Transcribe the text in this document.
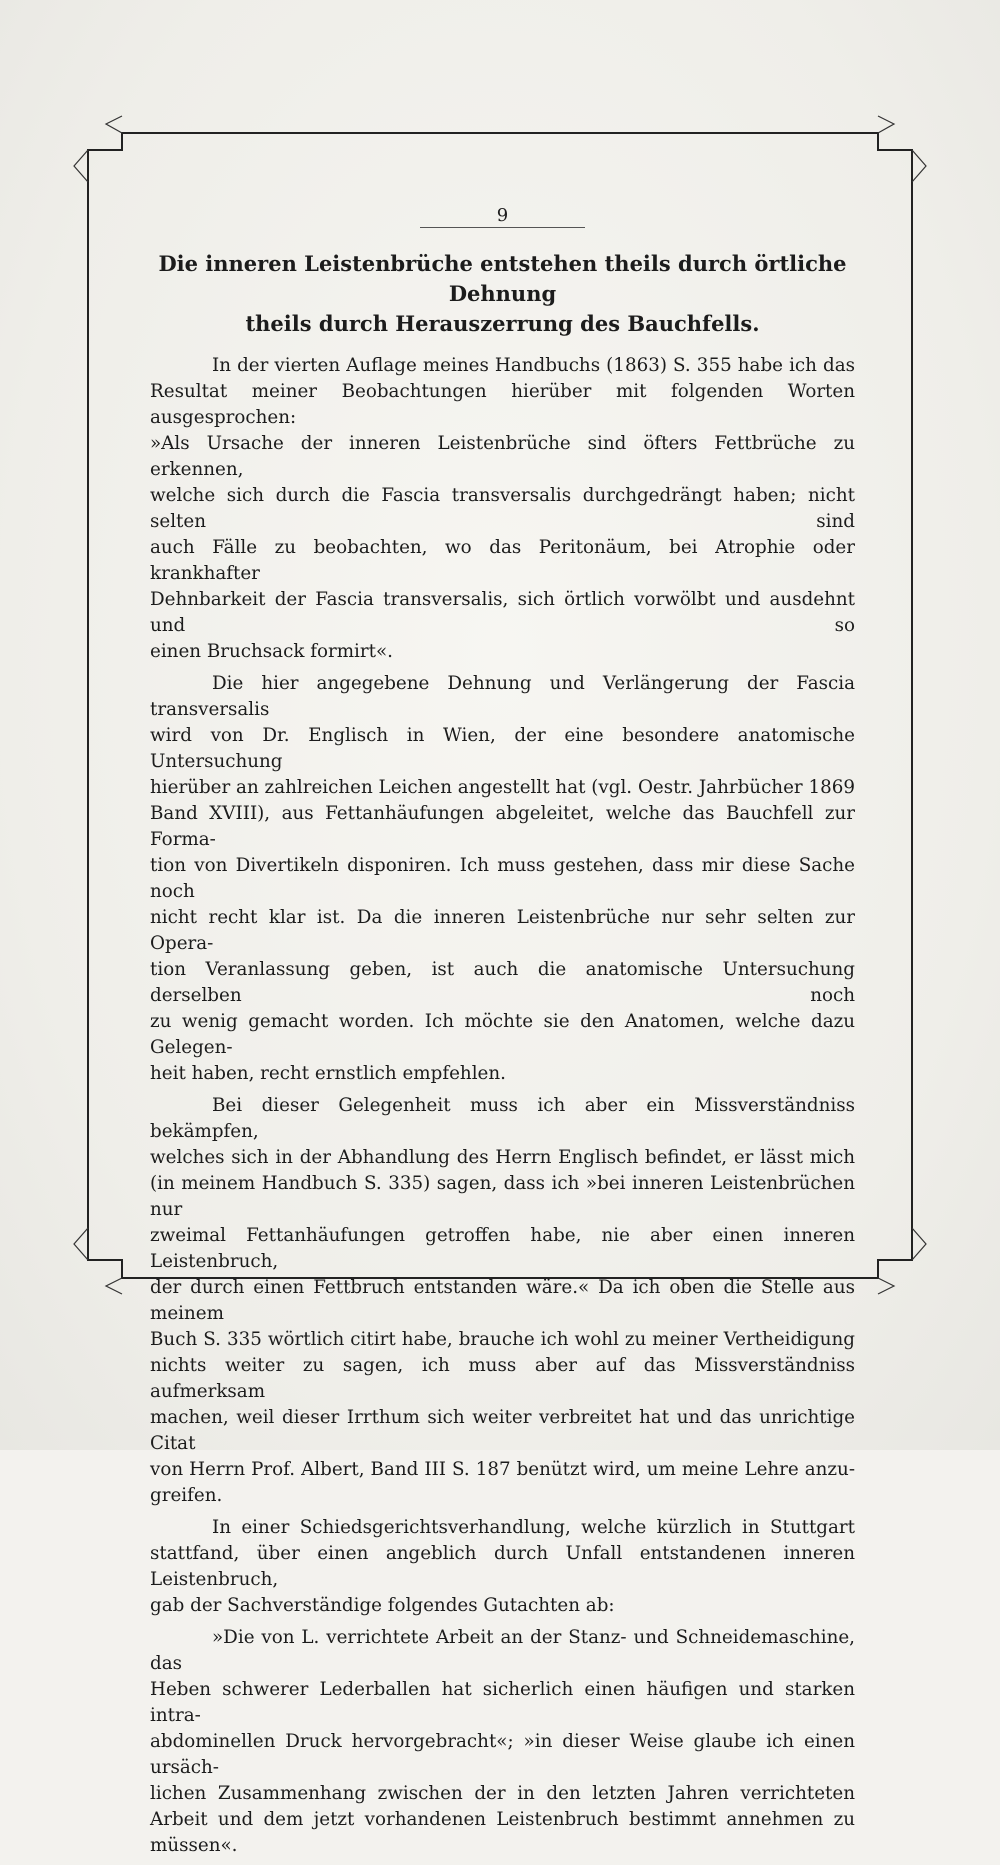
9
Die inneren Leistenbrüche entstehen theils durch örtliche Dehnung
theils durch Herauszerrung des Bauchfells.
In der vierten Auflage meines Handbuchs (1863) S. 355 habe ich das
Resultat meiner Beobachtungen hierüber mit folgenden Worten ausgesprochen:
»Als Ursache der inneren Leistenbrüche sind öfters Fettbrüche zu erkennen,
welche sich durch die Fascia transversalis durchgedrängt haben; nicht selten sind
auch Fälle zu beobachten, wo das Peritonäum, bei Atrophie oder krankhafter
Dehnbarkeit der Fascia transversalis, sich örtlich vorwölbt und ausdehnt und so
einen Bruchsack formirt«.
Die hier angegebene Dehnung und Verlängerung der Fascia transversalis
wird von Dr. Englisch in Wien, der eine besondere anatomische Untersuchung
hierüber an zahlreichen Leichen angestellt hat (vgl. Oestr. Jahrbücher 1869
Band XVIII), aus Fettanhäufungen abgeleitet, welche das Bauchfell zur Forma-
tion von Divertikeln disponiren. Ich muss gestehen, dass mir diese Sache noch
nicht recht klar ist. Da die inneren Leistenbrüche nur sehr selten zur Opera-
tion Veranlassung geben, ist auch die anatomische Untersuchung derselben noch
zu wenig gemacht worden. Ich möchte sie den Anatomen, welche dazu Gelegen-
heit haben, recht ernstlich empfehlen.
Bei dieser Gelegenheit muss ich aber ein Missverständniss bekämpfen,
welches sich in der Abhandlung des Herrn Englisch befindet, er lässt mich
(in meinem Handbuch S. 335) sagen, dass ich »bei inneren Leistenbrüchen nur
zweimal Fettanhäufungen getroffen habe, nie aber einen inneren Leistenbruch,
der durch einen Fettbruch entstanden wäre.« Da ich oben die Stelle aus meinem
Buch S. 335 wörtlich citirt habe, brauche ich wohl zu meiner Vertheidigung
nichts weiter zu sagen, ich muss aber auf das Missverständniss aufmerksam
machen, weil dieser Irrthum sich weiter verbreitet hat und das unrichtige Citat
von Herrn Prof. Albert, Band III S. 187 benützt wird, um meine Lehre anzu-
greifen.
In einer Schiedsgerichtsverhandlung, welche kürzlich in Stuttgart
stattfand, über einen angeblich durch Unfall entstandenen inneren Leistenbruch,
gab der Sachverständige folgendes Gutachten ab:
»Die von L. verrichtete Arbeit an der Stanz- und Schneidemaschine, das
Heben schwerer Lederballen hat sicherlich einen häufigen und starken intra-
abdominellen Druck hervorgebracht«; »in dieser Weise glaube ich einen ursäch-
lichen Zusammenhang zwischen der in den letzten Jahren verrichteten
Arbeit und dem jetzt vorhandenen Leistenbruch bestimmt annehmen zu müssen«.
